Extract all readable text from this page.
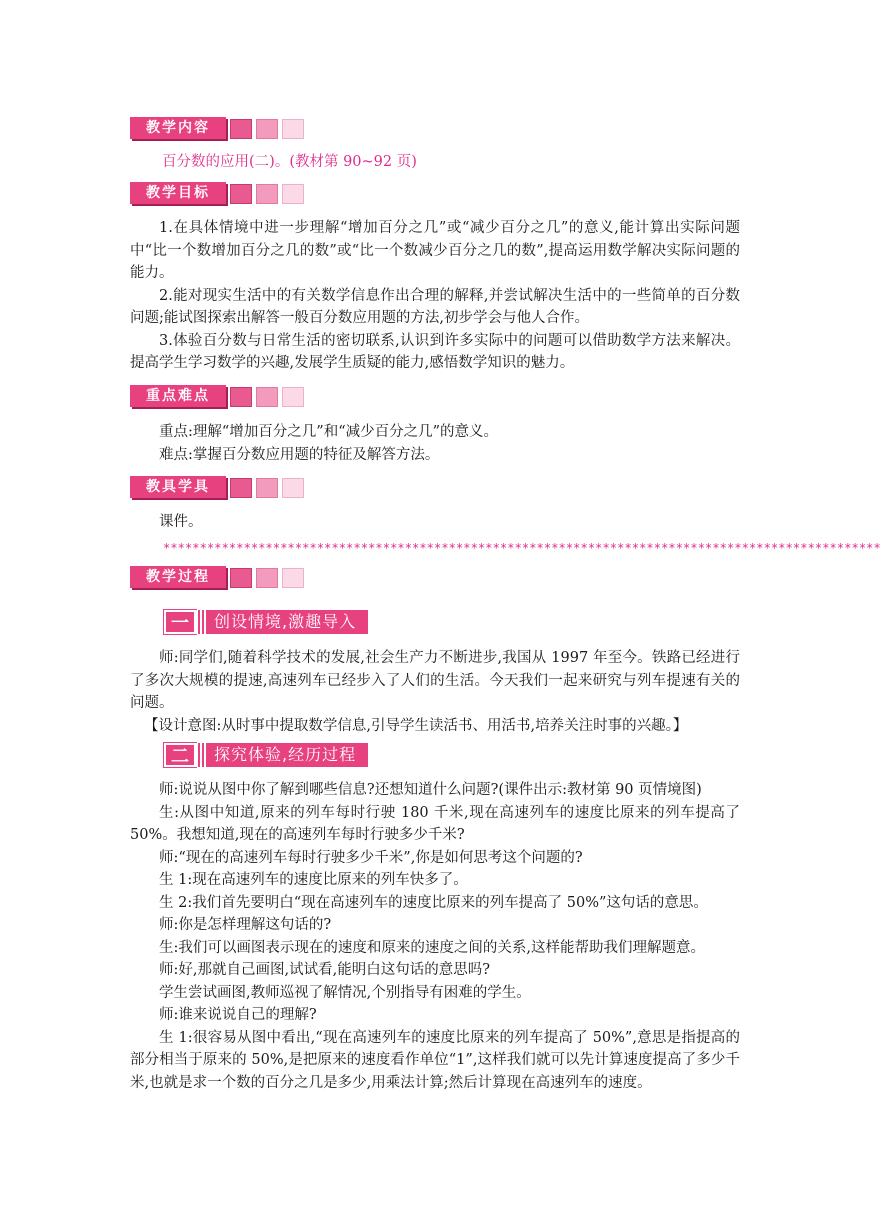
教学内容
百分数的应用(二)。(教材第 90~92 页)
教学目标

1.在具体情境中进一步理解“增加百分之几”或“减少百分之几”的意义,能计算出实际问题中“比一个数增加百分之几的数”或“比一个数减少百分之几的数”,提高运用数学解决实际问题的能力。

2.能对现实生活中的有关数学信息作出合理的解释,并尝试解决生活中的一些简单的百分数问题;能试图探索出解答一般百分数应用题的方法,初步学会与他人合作。

3.体验百分数与日常生活的密切联系,认识到许多实际中的问题可以借助数学方法来解决。提高学生学习数学的兴趣,发展学生质疑的能力,感悟数学知识的魅力。

重点难点

重点:理解“增加百分之几”和“减少百分之几”的意义。

难点:掌握百分数应用题的特征及解答方法。

教具学具

课件。

**************************************************************************************************
教学过程
一	创设情境,激趣导入

师:同学们,随着科学技术的发展,社会生产力不断进步,我国从 1997 年至今。铁路已经进行了多次大规模的提速,高速列车已经步入了人们的生活。今天我们一起来研究与列车提速有关的问题。

【设计意图:从时事中提取数学信息,引导学生读活书、用活书,培养关注时事的兴趣。】

二	探究体验,经历过程

师:说说从图中你了解到哪些信息?还想知道什么问题?(课件出示:教材第 90 页情境图)

生:从图中知道,原来的列车每时行驶 180 千米,现在高速列车的速度比原来的列车提高了 50%。我想知道,现在的高速列车每时行驶多少千米?

师:“现在的高速列车每时行驶多少千米”,你是如何思考这个问题的?

生 1:现在高速列车的速度比原来的列车快多了。

生 2:我们首先要明白“现在高速列车的速度比原来的列车提高了 50%”这句话的意思。

师:你是怎样理解这句话的?

生:我们可以画图表示现在的速度和原来的速度之间的关系,这样能帮助我们理解题意。

师:好,那就自己画图,试试看,能明白这句话的意思吗?

学生尝试画图,教师巡视了解情况,个别指导有困难的学生。

师:谁来说说自己的理解?

生 1:很容易从图中看出,“现在高速列车的速度比原来的列车提高了 50%”,意思是指提高的部分相当于原来的 50%,是把原来的速度看作单位“1”,这样我们就可以先计算速度提高了多少千米,也就是求一个数的百分之几是多少,用乘法计算;然后计算现在高速列车的速度。
